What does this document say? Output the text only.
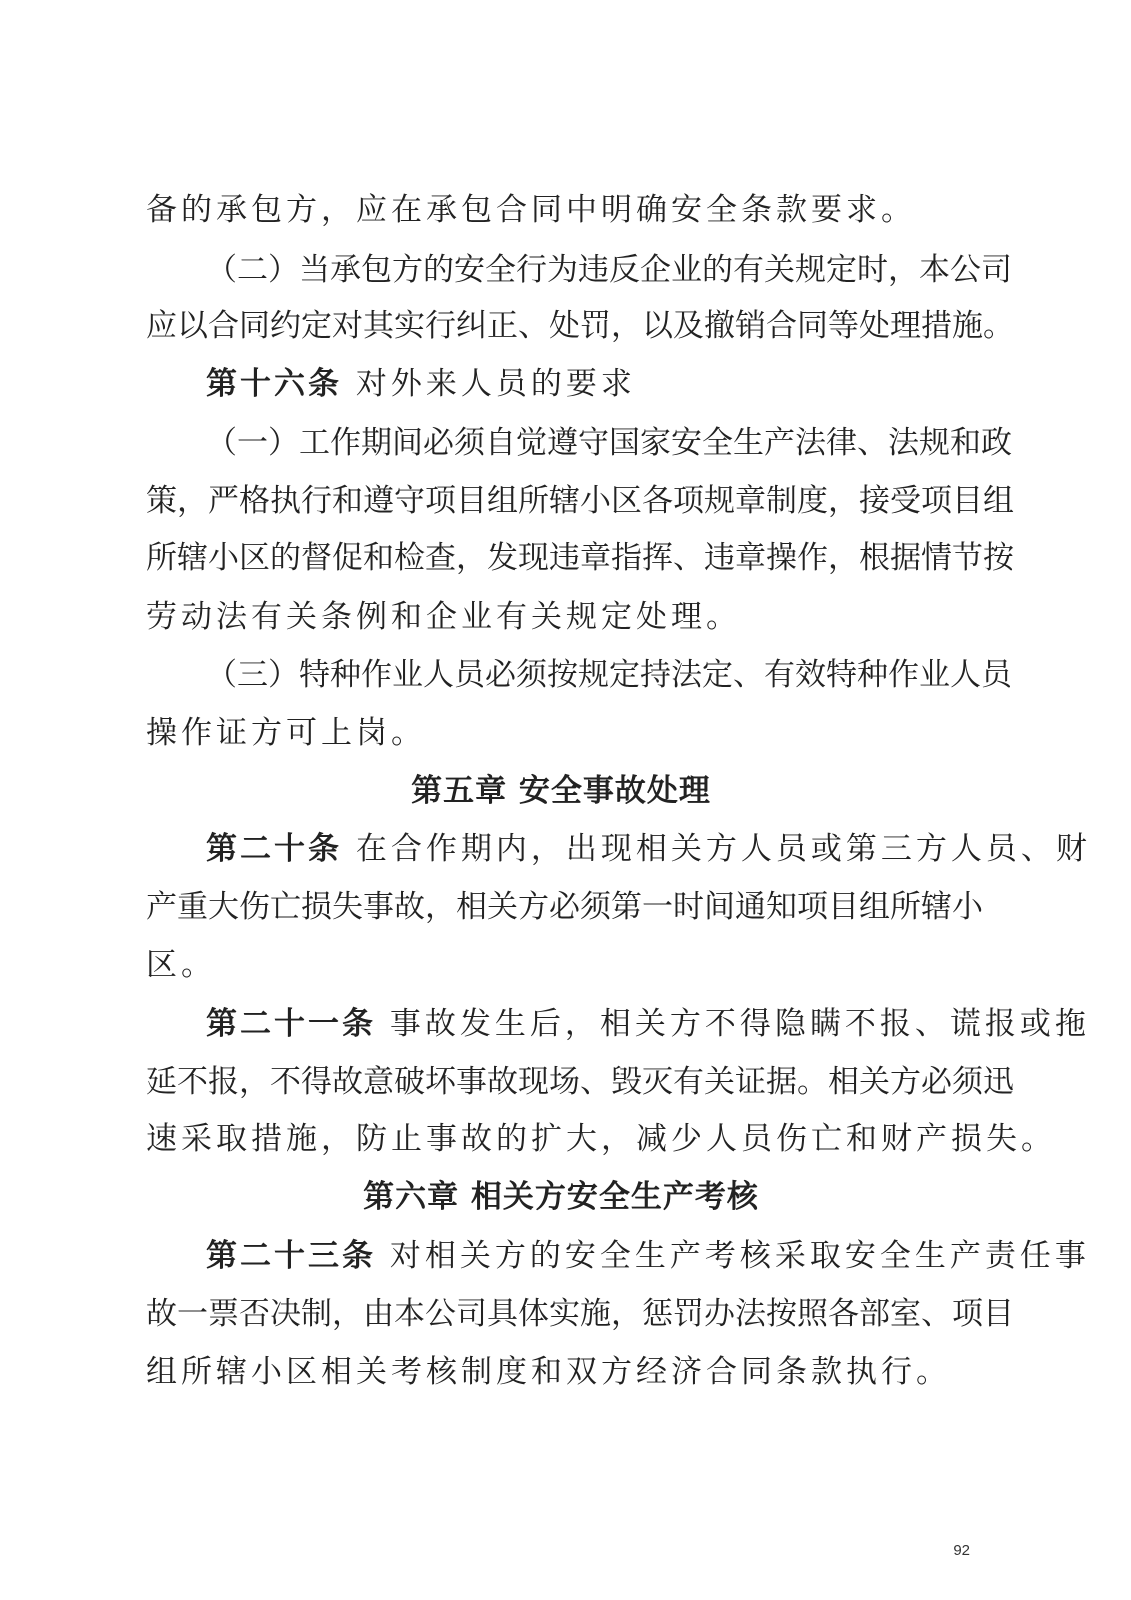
备的承包方，应在承包合同中明确安全条款要求。
（二）当承包方的安全行为违反企业的有关规定时，本公司
应以合同约定对其实行纠正、处罚，以及撤销合同等处理措施。
第十六条 对外来人员的要求
（一）工作期间必须自觉遵守国家安全生产法律、法规和政
策，严格执行和遵守项目组所辖小区各项规章制度，接受项目组
所辖小区的督促和检查，发现违章指挥、违章操作，根据情节按
劳动法有关条例和企业有关规定处理。
（三）特种作业人员必须按规定持法定、有效特种作业人员
操作证方可上岗。
第五章 安全事故处理
第二十条 在合作期内，出现相关方人员或第三方人员、财
产重大伤亡损失事故，相关方必须第一时间通知项目组所辖小
区。
第二十一条 事故发生后，相关方不得隐瞒不报、谎报或拖
延不报，不得故意破坏事故现场、毁灭有关证据。相关方必须迅
速采取措施，防止事故的扩大，减少人员伤亡和财产损失。
第六章 相关方安全生产考核
第二十三条 对相关方的安全生产考核采取安全生产责任事
故一票否决制，由本公司具体实施，惩罚办法按照各部室、项目
组所辖小区相关考核制度和双方经济合同条款执行。
92
